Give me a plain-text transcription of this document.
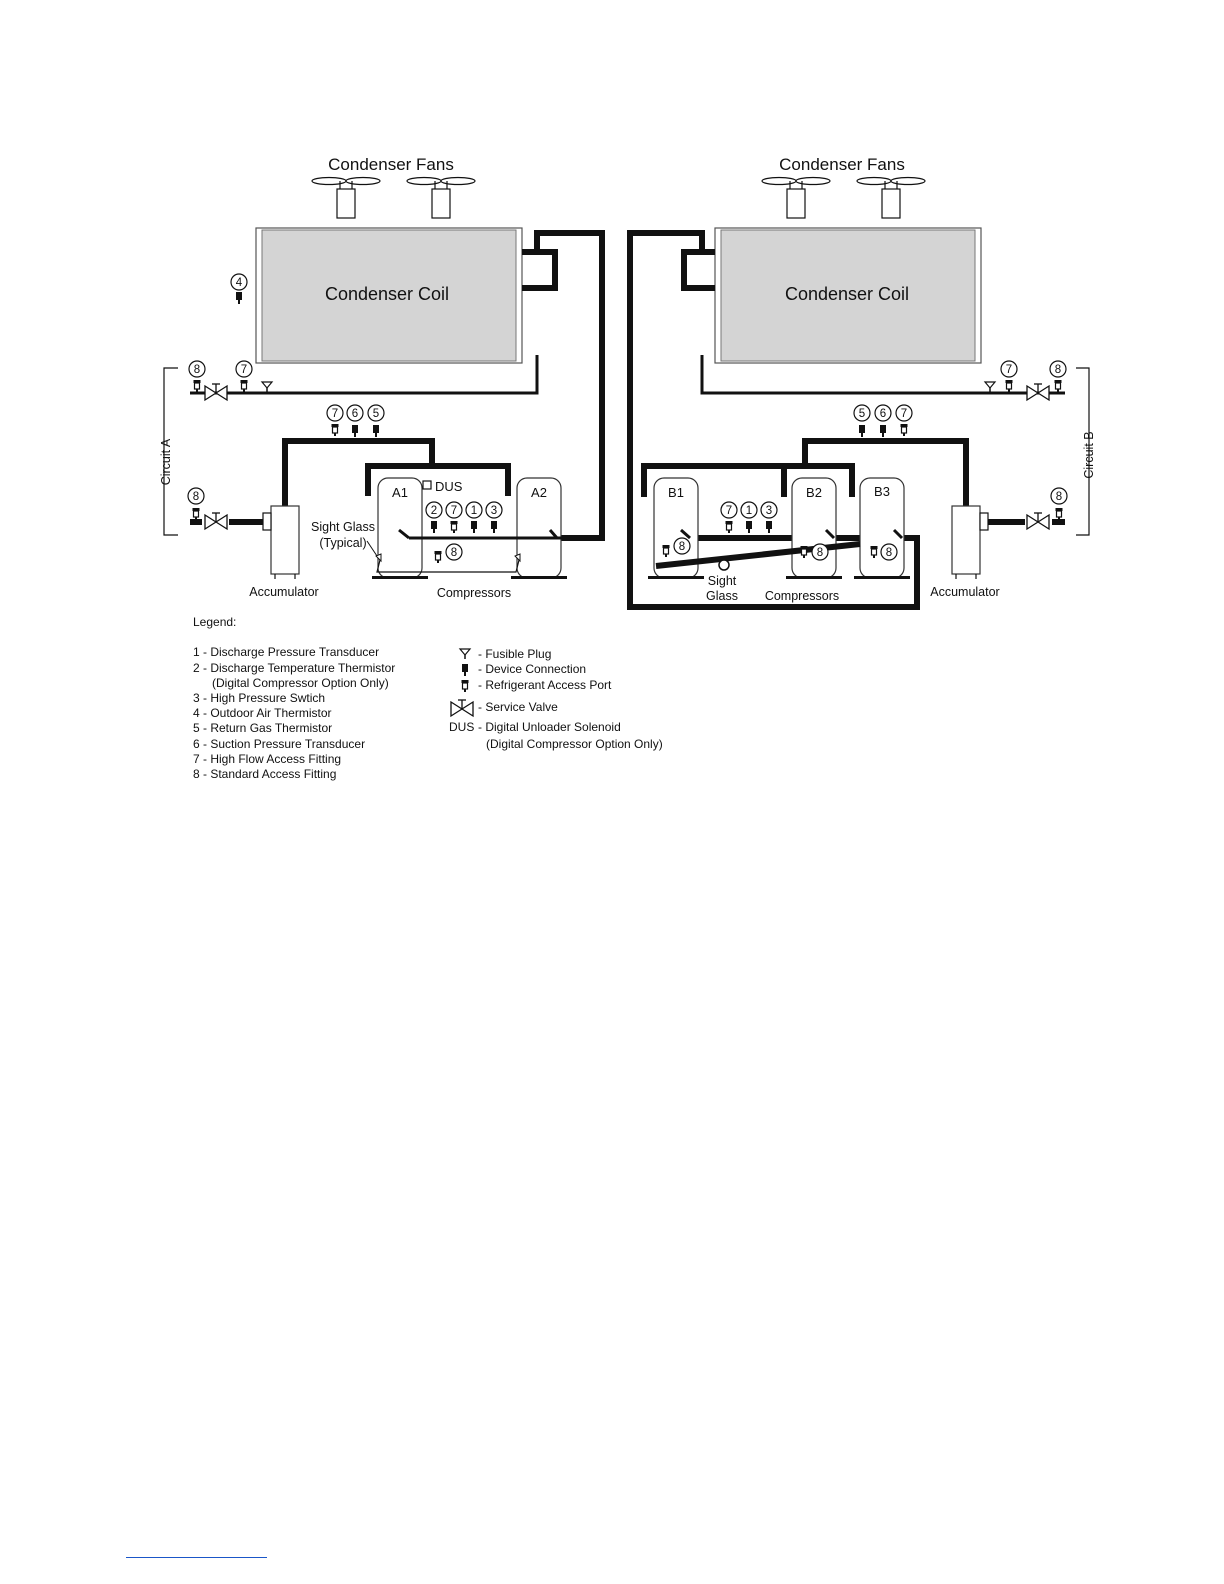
Condenser Fans
Condenser Coil
4
8	7
Circuit A
7 6 5
Accumulator
8	A1	A2
DUS
2 7 1 3
8
Sight Glass
(Typical)
Compressors
Condenser Fans
Condenser Coil
7	8
Circuit B
5 6 7
Accumulator
8
B1	B2	B3
7 1 3
8	8	8
Sight
Glass Compressors
Legend:
1 - Discharge Pressure Transducer
2 - Discharge Temperature Thermistor
(Digital Compressor Option Only)
3 - High Pressure Swtich
4 - Outdoor Air Thermistor
5 - Return Gas Thermistor
6 - Suction Pressure Transducer
7 - High Flow Access Fitting
8 - Standard Access Fitting
- Fusible Plug
- Device Connection
- Refrigerant Access Port
- Service Valve
DUS - Digital Unloader Solenoid
(Digital Compressor Option Only)
